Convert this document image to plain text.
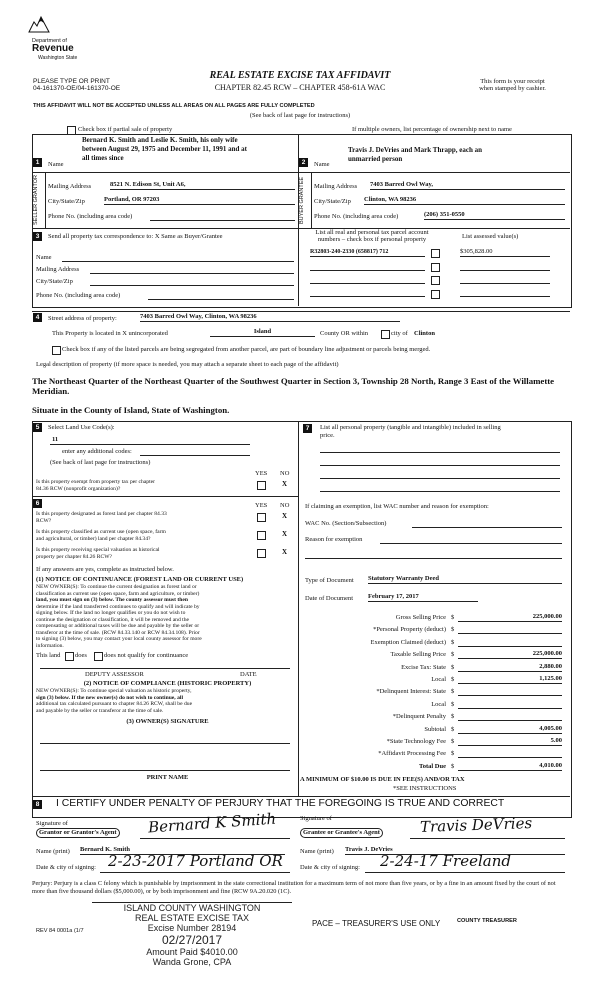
Department of
Revenue
Washington State
PLEASE TYPE OR PRINT
04-161370-OE/04-161370-OE
REAL ESTATE EXCISE TAX AFFIDAVIT
CHAPTER 82.45 RCW – CHAPTER 458-61A WAC
This form is your receipt
when stamped by cashier.
THIS AFFIDAVIT WILL NOT BE ACCEPTED UNLESS ALL AREAS ON ALL PAGES ARE FULLY COMPLETED
(See back of last page for instructions)
Check box if partial sale of property	If multiple owners, list percentage of ownership next to name
1	Name
Bernard K. Smith and Leslie K. Smith, his only wife
between August 29, 1975 and December 11, 1991 and at
all times since
SELLER GRANTOR	Mailing Address	8521 N. Edison St, Unit A6,
City/State/Zip	Portland, OR 97203
Phone No. (including area code)
2	Name
Travis J. DeVries and Mark Thrapp, each an
unmarried person
BUYER GRANTEE	Mailing Address 7403 Barred Owl Way,
City/State/Zip Clinton, WA 98236
Phone No. (including area code)	(206) 351-0550
3	Send all property tax correspondence to: X Same as Buyer/Grantee
Name
Mailing Address
City/State/Zip
Phone No. (including area code)
List all real and personal tax parcel account
numbers – check box if personal property	List assessed value(s)
R32803-240-2330 (658817) 712	$305,828.00
4	Street address of property:	7403 Barred Owl Way, Clinton, WA 98236
This Property is located in X unincorporated	Island	County OR within	city of Clinton
Check box if any of the listed parcels are being segregated from another parcel, are part of boundary line adjustment or parcels being merged.
Legal description of property (if more space is needed, you may attach a separate sheet to each page of the affidavit)
The Northeast Quarter of the Northeast Quarter of the Southwest Quarter in Section 3, Township 28 North, Range 3 East of the Willamette Meridian.
Situate in the County of Island, State of Washington.
5	Select Land Use Code(s):
11
enter any additional codes:
(See back of last page for instructions)
YES NO
Is this property exempt from property tax per chapter
84.36 RCW (nonprofit organization)?
X
6	YES NO
Is this property designated as forest land per chapter 84.33
RCW?
X
Is this property classified as current use (open space, farm
and agricultural, or timber) land per chapter 84.34?
X
Is this property receiving special valuation as historical
property per chapter 84.26 RCW?
X
If any answers are yes, complete as instructed below.
(1) NOTICE OF CONTINUANCE (FOREST LAND OR CURRENT USE)
NEW OWNER(S): To continue the current designation as forest land or
classification as current use (open space, farm and agriculture, or timber)
land, you must sign on (3) below. The county assessor must then
determine if the land transferred continues to qualify and will indicate by
signing below. If the land no longer qualifies or you do not wish to
continue the designation or classification, it will be removed and the
compensating or additional taxes will be due and payable by the seller or
transferor at the time of sale. (RCW 84.33.140 or RCW 84.34.108). Prior
to signing (3) below, you may contact your local county assessor for more
information.
This land does	does not qualify for continuance
DEPUTY ASSESSOR	DATE
(2) NOTICE OF COMPLIANCE (HISTORIC PROPERTY)
NEW OWNER(S): To continue special valuation as historic property,
sign (3) below. If the new owner(s) do not wish to continue, all
additional tax calculated pursuant to chapter 84.26 RCW, shall be due
and payable by the seller or transferor at the time of sale.
(3) OWNER(S) SIGNATURE
PRINT NAME
7	List all personal property (tangible and intangible) included in selling
price.
If claiming an exemption, list WAC number and reason for exemption:
WAC No. (Section/Subsection)
Reason for exemption
Type of Document Statutory Warranty Deed
Date of Document February 17, 2017
Gross Selling Price $	225,000.00
*Personal Property (deduct) $
Exemption Claimed (deduct) $
Taxable Selling Price $	225,000.00
Excise Tax: State $	2,880.00
Local $	1,125.00
*Delinquent Interest: State $
Local $
*Delinquent Penalty $
Subtotal $	4,005.00
*State Technology Fee $	5.00
*Affidavit Processing Fee $
Total Due $	4,010.00
A MINIMUM OF $10.00 IS DUE IN FEE(S) AND/OR TAX
*SEE INSTRUCTIONS
8 I CERTIFY UNDER PENALTY OF PERJURY THAT THE FOREGOING IS TRUE AND CORRECT
Signature of
Grantor or Grantor's Agent Bernard K Smith
Name (print) Bernard K. Smith
Date & city of signing: 2-23-2017 Portland OR
Signature of
Grantee or Grantee's Agent	Travis DeVries
Name (print) Travis J. DeVries
Date & city of signing: 2-24-17 Freeland
Perjury: Perjury is a class C felony which is punishable by imprisonment in the state correctional institution for a maximum term of not more than five years, or by a fine in an amount fixed by the court of not more than five thousand dollars ($5,000.00), or by both imprisonment and fine (RCW 9A.20.020 (1C).
REV 84 0001a (1/7
ISLAND COUNTY WASHINGTON
REAL ESTATE EXCISE TAX
Excise Number 28194
02/27/2017
Amount Paid $4010.00
Wanda Grone, CPA
PACE – TREASURER'S USE ONLY	COUNTY TREASURER
